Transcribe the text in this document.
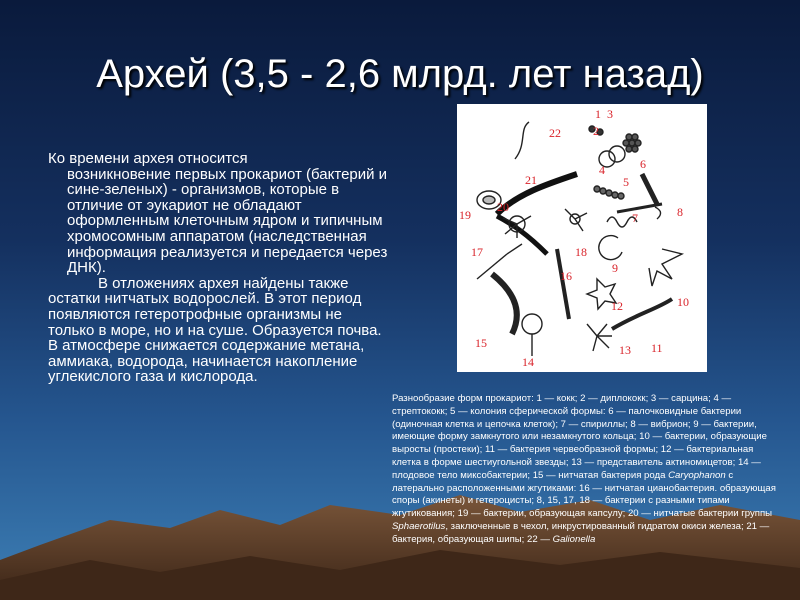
Архей (3,5 - 2,6 млрд. лет назад)

Ко времени архея относится
возникновение первых прокариот (бактерий и сине-зеленых) - организмов, которые в отличие от эукариот не обладают оформленным клеточным ядром и типичным хромосомным аппаратом (наследственная информация реализуется и передается через ДНК).

В отложениях архея найдены также остатки нитчатых водорослей. В этот период появляются гетеротрофные организмы не только в море, но и на суше. Образуется почва. В атмосфере снижается содержание метана, аммиака, водорода, начинается накопление углекислого газа и кислорода.

1
2
3
4
5
6
7	8
9
10
11
12
13
14
15
16
17	18
19
20
21
22
Разнообразие форм прокариот: 1 — кокк; 2 — диплококк; 3 — сарцина; 4 — стрептококк; 5 — колония сферической формы: 6 — палочковидные бактерии (одиночная клетка и цепочка клеток); 7 — спириллы; 8 — вибрион; 9 — бактерии, имеющие форму замкнутого или незамкнутого кольца; 10 — бактерии, образующие выросты (простеки); 11 — бактерия червеобразной формы; 12 — бактериальная клетка в форме шестиугольной звезды; 13 — представитель актиномицетов; 14 — плодовое тело миксобактерии; 15 — нитчатая бактерия рода Caryophanon с латерально расположенными жгутиками: 16 — нитчатая цианобактерия. образующая споры (акинеты) и гетероцисты; 8, 15, 17, 18 — бактерии с разными типами жгутикования; 19 — бактерии, образующая капсулу; 20 — нитчатые бактерии группы Sphaerotilus, заключенные в чехол, инкрустированный гидратом окиси железа; 21 — бактерия, образующая шипы; 22 — Galionella
